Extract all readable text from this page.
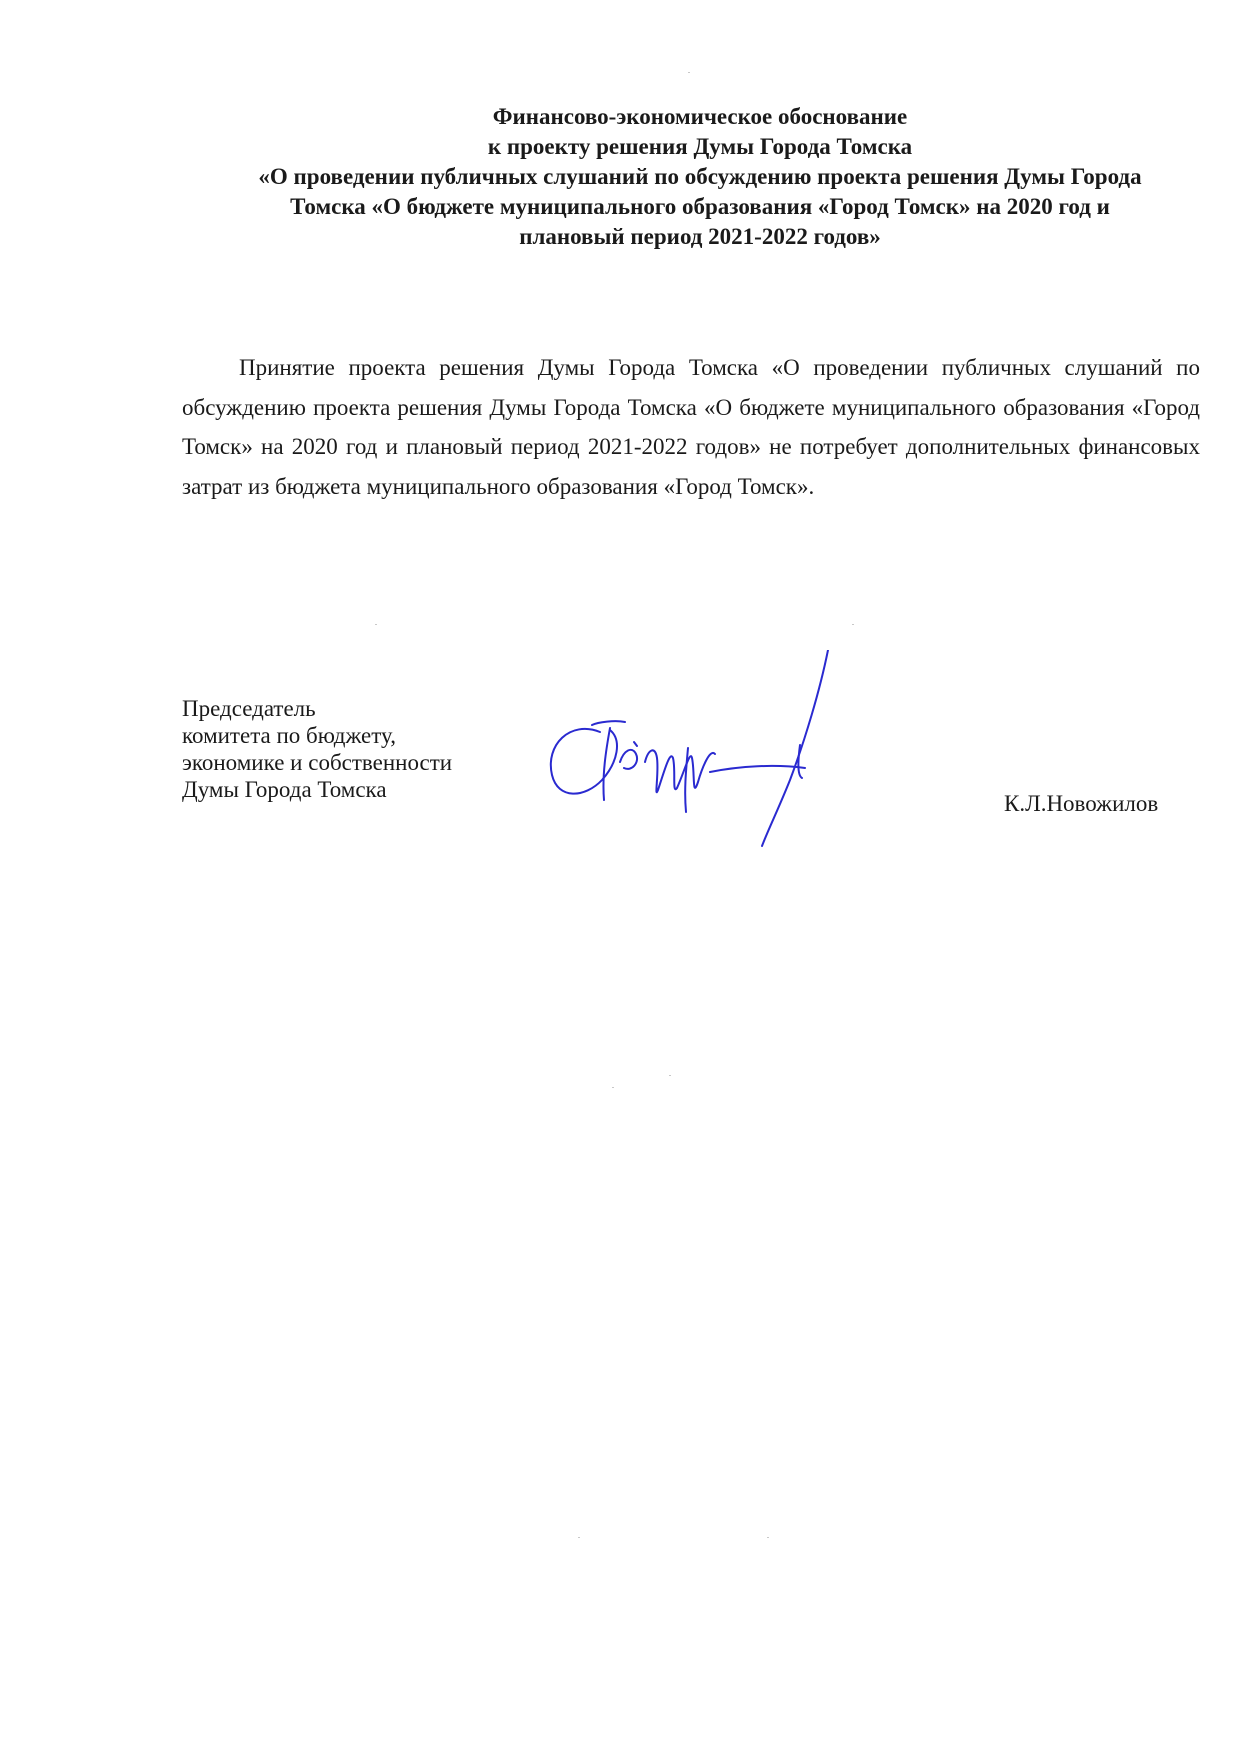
Финансово-экономическое обоснование
к проекту решения Думы Города Томска
«О проведении публичных слушаний по обсуждению проекта решения Думы Города
Томска «О бюджете муниципального образования «Город Томск» на 2020 год и
плановый период 2021-2022 годов»

Принятие проекта решения Думы Города Томска «О проведении публичных слушаний по обсуждению проекта решения Думы Города Томска «О бюджете муниципального образования «Город Томск» на 2020 год и плановый период 2021-2022 годов» не потребует дополнительных финансовых затрат из бюджета муниципального образования «Город Томск».

Председатель
комитета по бюджету,
экономике и собственности
Думы Города Томска
К.Л.Новожилов
